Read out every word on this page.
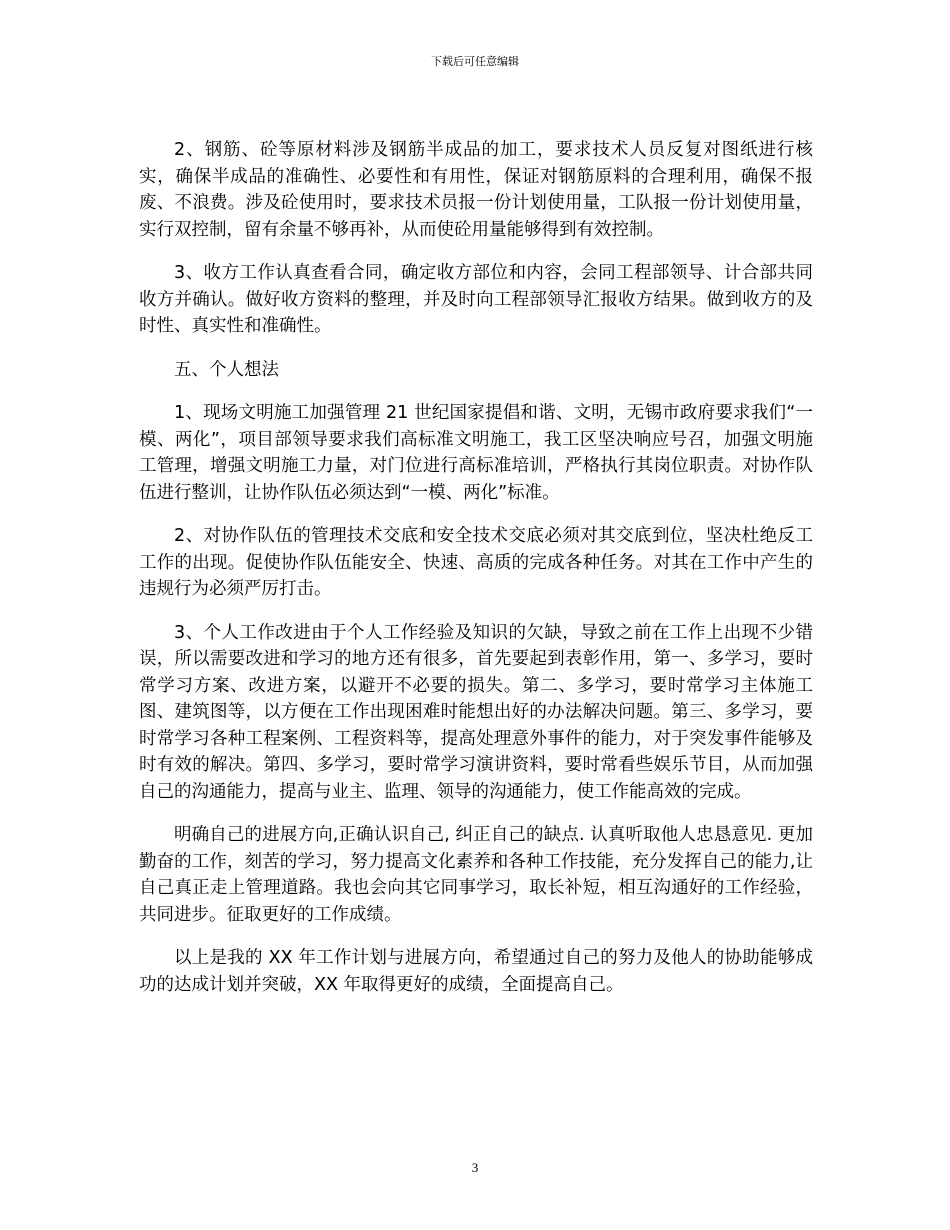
下载后可任意编辑

2、钢筋、砼等原材料涉及钢筋半成品的加工，要求技术人员反复对图纸进行核实，确保半成品的准确性、必要性和有用性，保证对钢筋原料的合理利用，确保不报废、不浪费。涉及砼使用时，要求技术员报一份计划使用量，工队报一份计划使用量，实行双控制，留有余量不够再补，从而使砼用量能够得到有效控制。

3、收方工作认真查看合同，确定收方部位和内容，会同工程部领导、计合部共同收方并确认。做好收方资料的整理，并及时向工程部领导汇报收方结果。做到收方的及时性、真实性和准确性。

五、个人想法

1、现场文明施工加强管理 21 世纪国家提倡和谐、文明，无锡市政府要求我们“一模、两化”，项目部领导要求我们高标准文明施工，我工区坚决响应号召，加强文明施工管理，增强文明施工力量，对门位进行高标准培训，严格执行其岗位职责。对协作队伍进行整训，让协作队伍必须达到“一模、两化”标准。

2、对协作队伍的管理技术交底和安全技术交底必须对其交底到位，坚决杜绝反工工作的出现。促使协作队伍能安全、快速、高质的完成各种任务。对其在工作中产生的违规行为必须严厉打击。

3、个人工作改进由于个人工作经验及知识的欠缺，导致之前在工作上出现不少错误，所以需要改进和学习的地方还有很多，首先要起到表彰作用，第一、多学习，要时常学习方案、改进方案，以避开不必要的损失。第二、多学习，要时常学习主体施工图、建筑图等，以方便在工作出现困难时能想出好的办法解决问题。第三、多学习，要时常学习各种工程案例、工程资料等，提高处理意外事件的能力，对于突发事件能够及时有效的解决。第四、多学习，要时常学习演讲资料，要时常看些娱乐节目，从而加强自己的沟通能力，提高与业主、监理、领导的沟通能力，使工作能高效的完成。

明确自己的进展方向,正确认识自己, 纠正自己的缺点. 认真听取他人忠恳意见. 更加勤奋的工作，刻苦的学习，努力提高文化素养和各种工作技能，充分发挥自己的能力,让自己真正走上管理道路。我也会向其它同事学习，取长补短，相互沟通好的工作经验，共同进步。征取更好的工作成绩。

以上是我的 XX 年工作计划与进展方向，希望通过自己的努力及他人的协助能够成功的达成计划并突破，XX 年取得更好的成绩，全面提高自己。

3
